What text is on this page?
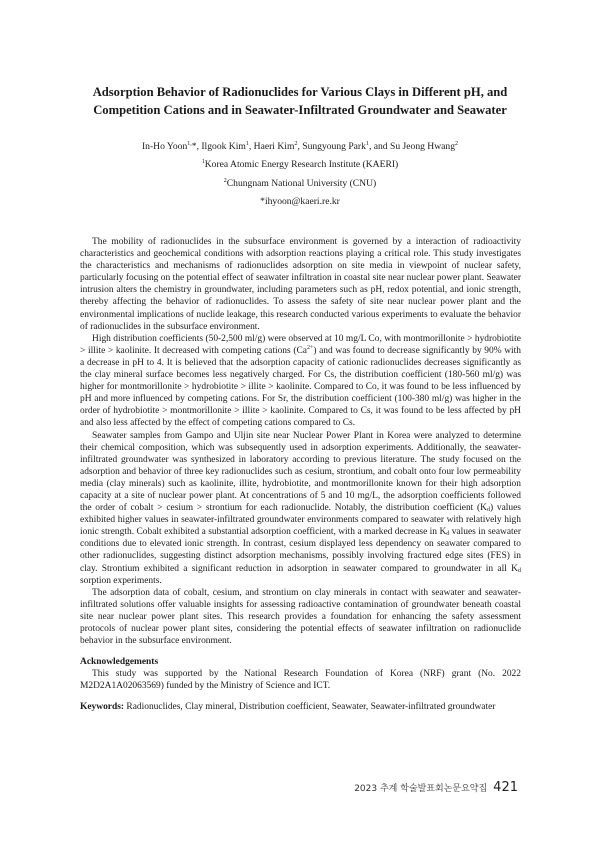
Adsorption Behavior of Radionuclides for Various Clays in Different pH, and
Competition Cations and in Seawater-Infiltrated Groundwater and Seawater
In-Ho Yoon$^{1,}$*, Ilgook Kim$^1$, Haeri Kim$^2$, Sungyoung Park$^1$, and Su Jeong Hwang$^2$
$^1$Korea Atomic Energy Research Institute (KAERI)
$^2$Chungnam National University (CNU)
*ihyoon@kaeri.re.kr

The mobility of radionuclides in the subsurface environment is governed by a interaction of radioactivity characteristics and geochemical conditions with adsorption reactions playing a critical role. This study investigates the characteristics and mechanisms of radionuclides adsorption on site media in viewpoint of nuclear safety, particularly focusing on the potential effect of seawater infiltration in coastal site near nuclear power plant. Seawater intrusion alters the chemistry in groundwater, including parameters such as pH, redox potential, and ionic strength, thereby affecting the behavior of radionuclides. To assess the safety of site near nuclear power plant and the environmental implications of nuclide leakage, this research conducted various experiments to evaluate the behavior of radionuclides in the subsurface environment.

High distribution coefficients (50-2,500 ml/g) were observed at 10 mg/L Co, with montmorillonite > hydrobiotite > illite > kaolinite. It decreased with competing cations $(Ca^{2+})$ and was found to decrease significantly by 90% with a decrease in pH to 4. It is believed that the adsorption capacity of cationic radionuclides decreases significantly as the clay mineral surface becomes less negatively charged. For Cs, the distribution coefficient (180-560 ml/g) was higher for montmorillonite > hydrobiotite > illite > kaolinite. Compared to Co, it was found to be less influenced by pH and more influenced by competing cations. For Sr, the distribution coefficient (100-380 ml/g) was higher in the order of hydrobiotite > montmorillonite > illite > kaolinite. Compared to Cs, it was found to be less affected by pH and also less affected by the effect of competing cations compared to Cs.

Seawater samples from Gampo and Uljin site near Nuclear Power Plant in Korea were analyzed to determine their chemical composition, which was subsequently used in adsorption experiments. Additionally, the seawater-infiltrated groundwater was synthesized in laboratory according to previous literature. The study focused on the adsorption and behavior of three key radionuclides such as cesium, strontium, and cobalt onto four low permeability media (clay minerals) such as kaolinite, illite, hydrobiotite, and montmorillonite known for their high adsorption capacity at a site of nuclear power plant. At concentrations of 5 and 10 mg/L, the adsorption coefficients followed the order of cobalt > cesium > strontium for each radionuclide. Notably, the distribution coefficient $(K_d)$ values exhibited higher values in seawater-infiltrated groundwater environments compared to seawater with relatively high ionic strength. Cobalt exhibited a substantial adsorption coefficient, with a marked decrease in $K_d$ values in seawater conditions due to elevated ionic strength. In contrast, cesium displayed less dependency on seawater compared to other radionuclides, suggesting distinct adsorption mechanisms, possibly involving fractured edge sites (FES) in clay. Strontium exhibited a significant reduction in adsorption in seawater compared to groundwater in all $K_d$ sorption experiments.

The adsorption data of cobalt, cesium, and strontium on clay minerals in contact with seawater and seawater-infiltrated solutions offer valuable insights for assessing radioactive contamination of groundwater beneath coastal site near nuclear power plant sites. This research provides a foundation for enhancing the safety assessment protocols of nuclear power plant sites, considering the potential effects of seawater infiltration on radionuclide behavior in the subsurface environment.

Acknowledgements

This study was supported by the National Research Foundation of Korea (NRF) grant (No. 2022 M2D2A1A02063569) funded by the Ministry of Science and ICT.

Keywords: Radionuclides, Clay mineral, Distribution coefficient, Seawater, Seawater-infiltrated groundwater

2023 추계 학술발표회논문요약집 421
